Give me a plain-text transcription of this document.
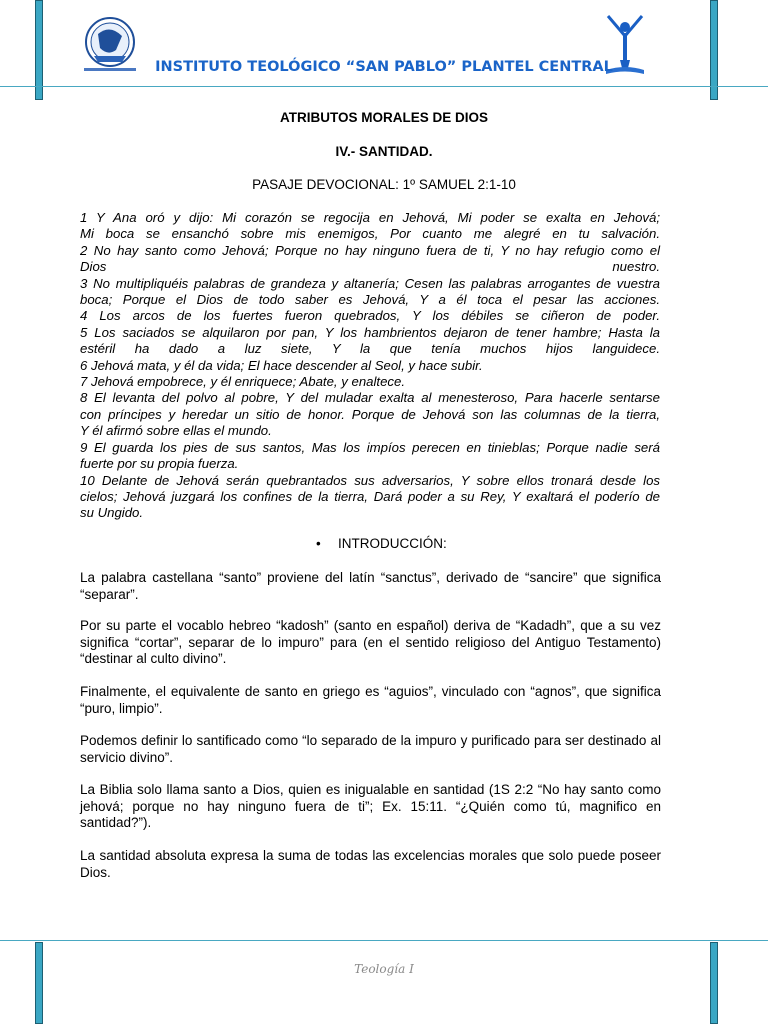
INSTITUTO TEOLÓGICO “SAN PABLO” PLANTEL CENTRAL
ATRIBUTOS MORALES DE DIOS
IV.- SANTIDAD.
PASAJE DEVOCIONAL: 1º SAMUEL 2:1-10
1 Y Ana oró y dijo: Mi corazón se regocija en Jehová, Mi poder se exalta en Jehová;
Mi boca se ensanchó sobre mis enemigos, Por cuanto me alegré en tu salvación.
2 No hay santo como Jehová; Porque no hay ninguno fuera de ti, Y no hay refugio como el
Dios nuestro.
3 No multipliquéis palabras de grandeza y altanería; Cesen las palabras arrogantes de vuestra
boca; Porque el Dios de todo saber es Jehová, Y a él toca el pesar las acciones.
4 Los arcos de los fuertes fueron quebrados, Y los débiles se ciñeron de poder.
5 Los saciados se alquilaron por pan, Y los hambrientos dejaron de tener hambre; Hasta la
estéril ha dado a luz siete, Y la que tenía muchos hijos languidece.
6 Jehová mata, y él da vida; El hace descender al Seol, y hace subir.
7 Jehová empobrece, y él enriquece; Abate, y enaltece.
8 El levanta del polvo al pobre, Y del muladar exalta al menesteroso, Para hacerle sentarse
con príncipes y heredar un sitio de honor. Porque de Jehová son las columnas de la tierra,
Y él afirmó sobre ellas el mundo.
9 El guarda los pies de sus santos, Mas los impíos perecen en tinieblas; Porque nadie será
fuerte por su propia fuerza.
10 Delante de Jehová serán quebrantados sus adversarios, Y sobre ellos tronará desde los
cielos; Jehová juzgará los confines de la tierra, Dará poder a su Rey, Y exaltará el poderío de
su Ungido.
• INTRODUCCIÓN:

La palabra castellana “santo” proviene del latín “sanctus”, derivado de “sancire” que significa “separar”.

Por su parte el vocablo hebreo “kadosh” (santo en español) deriva de “Kadadh”, que a su vez significa “cortar”, separar de lo impuro” para (en el sentido religioso del Antiguo Testamento) “destinar al culto divino”.

Finalmente, el equivalente de santo en griego es “aguios”, vinculado con “agnos”, que significa “puro, limpio”.

Podemos definir lo santificado como “lo separado de la impuro y purificado para ser destinado al servicio divino”.

La Biblia solo llama santo a Dios, quien es inigualable en santidad (1S 2:2 “No hay santo como jehová; porque no hay ninguno fuera de ti”; Ex. 15:11. “¿Quién como tú, magnifico en santidad?”).

La santidad absoluta expresa la suma de todas las excelencias morales que solo puede poseer Dios.

Teología I
